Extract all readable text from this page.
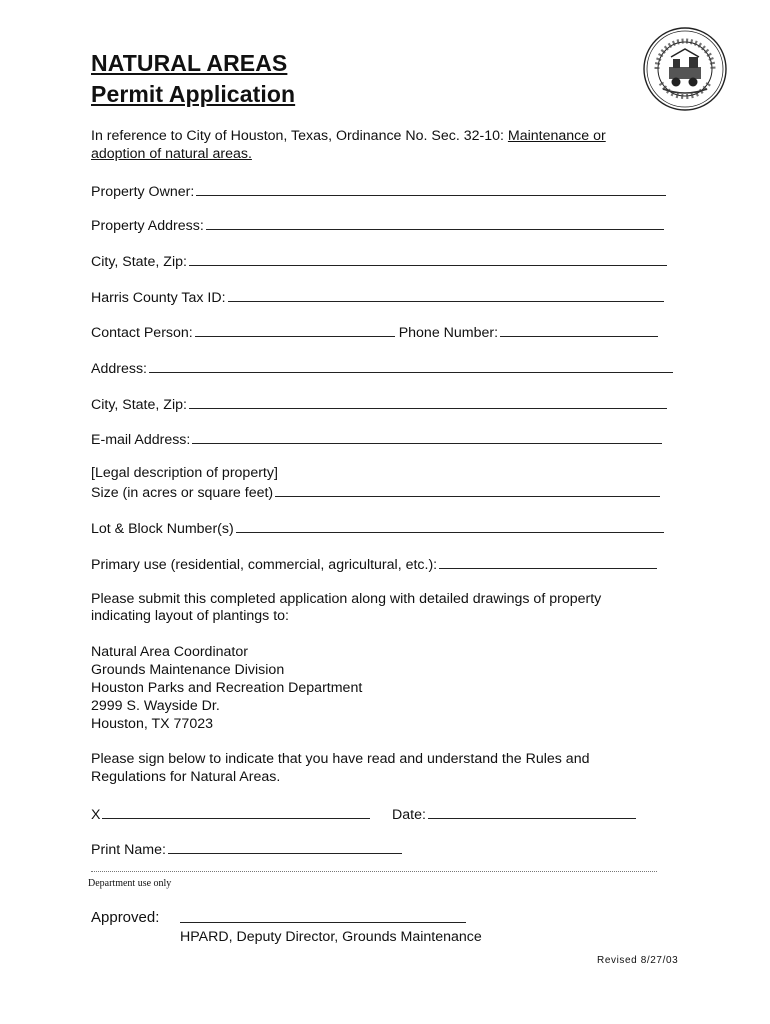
NATURAL AREAS
Permit Application
In reference to City of Houston, Texas, Ordinance No. Sec. 32-10: Maintenance or
adoption of natural areas.
Property Owner:
Property Address:
City, State, Zip:
Harris County Tax ID:
Contact Person:	Phone Number:
Address:
City, State, Zip:
E-mail Address:
[Legal description of property]
Size (in acres or square feet)
Lot & Block Number(s)
Primary use (residential, commercial, agricultural, etc.):
Please submit this completed application along with detailed drawings of property
indicating layout of plantings to:
Natural Area Coordinator
Grounds Maintenance Division
Houston Parks and Recreation Department
2999 S. Wayside Dr.
Houston, TX 77023
Please sign below to indicate that you have read and understand the Rules and
Regulations for Natural Areas.
X	Date:
Print Name:
Department use only
Approved:
HPARD, Deputy Director, Grounds Maintenance
Revised 8/27/03
